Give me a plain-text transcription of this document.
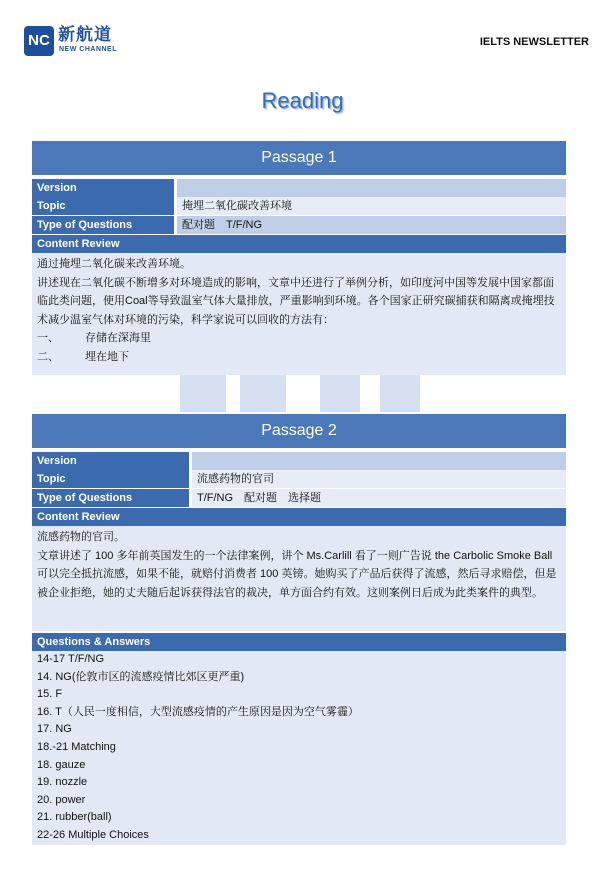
NC 新航道
NEW CHANNEL
IELTS NEWSLETTER
Reading
Passage 1
Version
Topic	掩埋二氧化碳改善环境
Type of Questions	配对题　T/F/NG
Content Review

通过掩埋二氧化碳来改善环境。

讲述现在二氧化碳不断增多对环境造成的影响，文章中还进行了举例分析，如印度河中国等发展中国家都面临此类问题，使用Coal等导致温室气体大量排放，严重影响到环境。各个国家正研究碳捕获和隔离或掩埋技术减少温室气体对环境的污染，科学家说可以回收的方法有：

一、 存储在深海里

二、 埋在地下

Passage 2
Version
Topic	流感药物的官司
Type of Questions	T/F/NG　配对题　选择题
Content Review

流感药物的官司。

文章讲述了 100 多年前英国发生的一个法律案例，讲个 Ms.Carlill 看了一则广告说 the Carbolic Smoke Ball 可以完全抵抗流感，如果不能，就赔付消费者 100 英镑。她购买了产品后获得了流感，然后寻求赔偿，但是被企业拒绝，她的丈夫随后起诉获得法官的裁决，单方面合约有效。这则案例日后成为此类案件的典型。

Questions & Answers
14-17 T/F/NG
14. NG(伦敦市区的流感疫情比郊区更严重)
15. F
16. T（人民一度相信，大型流感疫情的产生原因是因为空气雾霾）
17. NG
18.-21 Matching
18. gauze
19. nozzle
20. power
21. rubber(ball)
22-26 Multiple Choices
